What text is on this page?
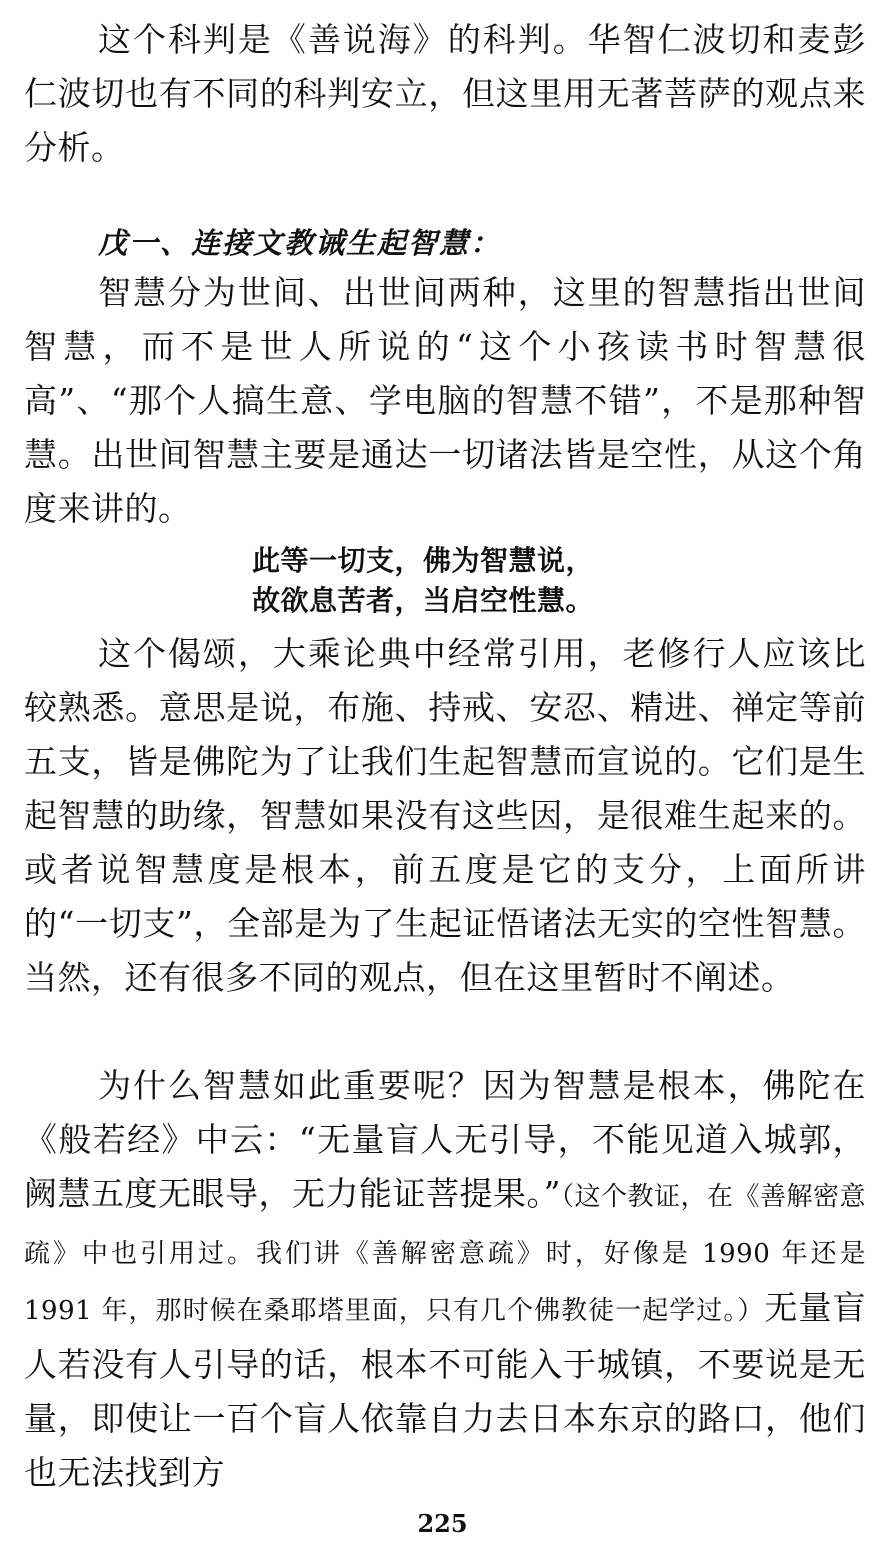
这个科判是《善说海》的科判。华智仁波切和麦彭仁波切也有不同的科判安立，但这里用无著菩萨的观点来分析。

戊一、连接文教诫生起智慧：

智慧分为世间、出世间两种，这里的智慧指出世间智慧，而不是世人所说的“这个小孩读书时智慧很高”、“那个人搞生意、学电脑的智慧不错”，不是那种智慧。出世间智慧主要是通达一切诸法皆是空性，从这个角度来讲的。

此等一切支，佛为智慧说，
故欲息苦者，当启空性慧。

这个偈颂，大乘论典中经常引用，老修行人应该比较熟悉。意思是说，布施、持戒、安忍、精进、禅定等前五支，皆是佛陀为了让我们生起智慧而宣说的。它们是生起智慧的助缘，智慧如果没有这些因，是很难生起来的。或者说智慧度是根本，前五度是它的支分，上面所讲的“一切支”，全部是为了生起证悟诸法无实的空性智慧。当然，还有很多不同的观点，但在这里暂时不阐述。

为什么智慧如此重要呢？因为智慧是根本，佛陀在《般若经》中云：“无量盲人无引导，不能见道入城郭，阙慧五度无眼导，无力能证菩提果。”（这个教证，在《善解密意疏》中也引用过。我们讲《善解密意疏》时，好像是 1990 年还是 1991 年，那时候在桑耶塔里面，只有几个佛教徒一起学过。）无量盲人若没有人引导的话，根本不可能入于城镇，不要说是无量，即使让一百个盲人依靠自力去日本东京的路口，他们也无法找到方

225
